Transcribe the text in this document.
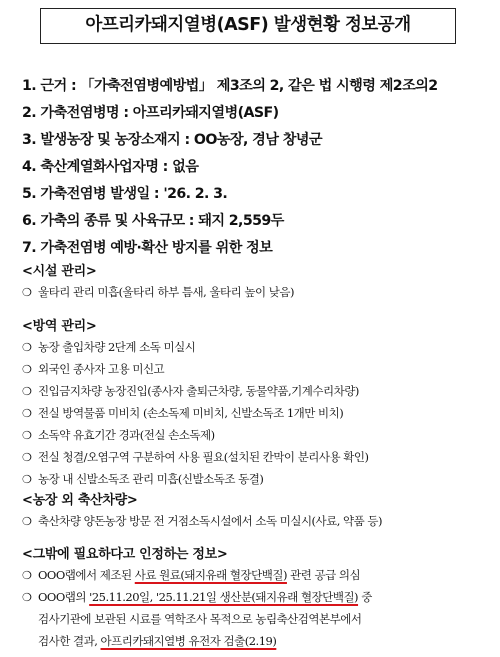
아프리카돼지열병(ASF) 발생현황 정보공개
1. 근거 : 「가축전염병예방법」 제3조의 2, 같은 법 시행령 제2조의2
2. 가축전염병명 : 아프리카돼지열병(ASF)
3. 발생농장 및 농장소재지 : OO농장, 경남 창녕군
4. 축산계열화사업자명 : 없음
5. 가축전염병 발생일 : '26. 2. 3.
6. 가축의 종류 및 사육규모 : 돼지 2,559두
7. 가축전염병 예방·확산 방지를 위한 정보
<시설 관리>
❍ 울타리 관리 미흡(울타리 하부 틈새, 울타리 높이 낮음)
<방역 관리>
❍ 농장 출입차량 2단계 소독 미실시
❍ 외국인 종사자 고용 미신고
❍ 진입금지차량 농장진입(종사자 출퇴근차량, 동물약품,기계수리차량)
❍ 전실 방역물품 미비치 (손소독제 미비치, 신발소독조 1개만 비치)
❍ 소독약 유효기간 경과(전실 손소독제)
❍ 전실 청결/오염구역 구분하여 사용 필요(설치된 칸막이 분리사용 확인)
❍ 농장 내 신발소독조 관리 미흡(신발소독조 동결)
<농장 외 축산차량>
❍ 축산차량 양돈농장 방문 전 거점소독시설에서 소독 미실시(사료, 약품 등)
<그밖에 필요하다고 인정하는 정보>
❍ OOO랩에서 제조된 사료 원료(돼지유래 혈장단백질) 관련 공급 의심
❍ OOO랩의 '25.11.20일, '25.11.21일 생산분(돼지유래 혈장단백질) 중
검사기관에 보관된 시료를 역학조사 목적으로 농림축산검역본부에서
검사한 결과, 아프리카돼지열병 유전자 검출(2.19)
